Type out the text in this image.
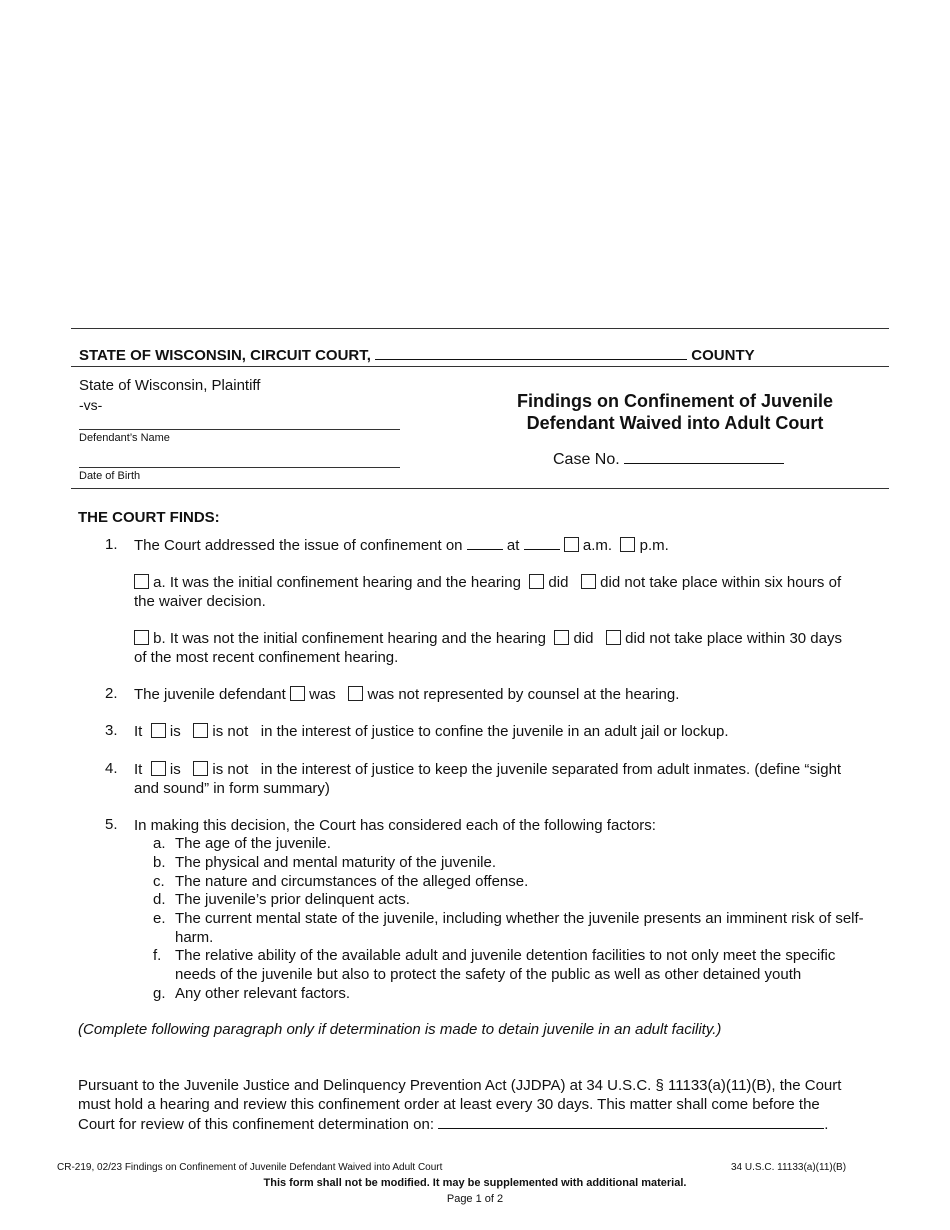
STATE OF WISCONSIN, CIRCUIT COURT,	COUNTY
State of Wisconsin, Plaintiff
-vs-
Defendant’s Name
Date of Birth
Findings on Confinement of Juvenile
Defendant Waived into Adult Court
Case No.
THE COURT FINDS:
1.	The Court addressed the issue of confinement on	at	a.m. p.m.
a. It was the initial confinement hearing and the hearing did did not take place within six hours of
the waiver decision.
b. It was not the initial confinement hearing and the hearing did did not take place within 30 days
of the most recent confinement hearing.
2.	The juvenile defendant was was not represented by counsel at the hearing.
3.	It is is not in the interest of justice to confine the juvenile in an adult jail or lockup.
4.	It is is not in the interest of justice to keep the juvenile separated from adult inmates. (define “sight
and sound” in form summary)
5.	In making this decision, the Court has considered each of the following factors:
a. The age of the juvenile.
b. The physical and mental maturity of the juvenile.
c. The nature and circumstances of the alleged offense.
d. The juvenile’s prior delinquent acts.
e. The current mental state of the juvenile, including whether the juvenile presents an imminent risk of self-harm.
f. The relative ability of the available adult and juvenile detention facilities to not only meet the specific needs of the juvenile but also to protect the safety of the public as well as other detained youth
g. Any other relevant factors.
(Complete following paragraph only if determination is made to detain juvenile in an adult facility.)
Pursuant to the Juvenile Justice and Delinquency Prevention Act (JJDPA) at 34 U.S.C. § 11133(a)(11)(B), the Court
must hold a hearing and review this confinement order at least every 30 days. This matter shall come before the
Court for review of this confinement determination on:	.
CR-219, 02/23 Findings on Confinement of Juvenile Defendant Waived into Adult Court	34 U.S.C. 11133(a)(11)(B)
This form shall not be modified. It may be supplemented with additional material.
Page 1 of 2
